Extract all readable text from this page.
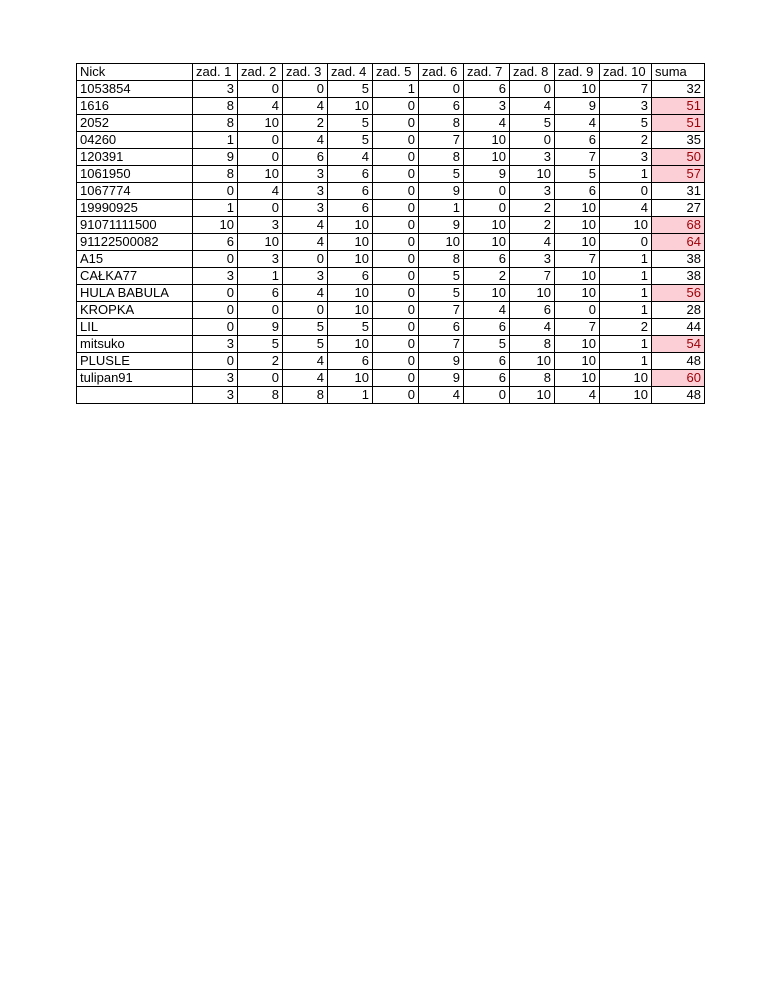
Nick	zad. 1	zad. 2	zad. 3	zad. 4	zad. 5	zad. 6	zad. 7	zad. 8	zad. 9	zad. 10	suma
1053854	3	0	0	5	1	0	6	0	10	7	32
1616	8	4	4	10	0	6	3	4	9	3	51
2052	8	10	2	5	0	8	4	5	4	5	51
04260	1	0	4	5	0	7	10	0	6	2	35
120391	9	0	6	4	0	8	10	3	7	3	50
1061950	8	10	3	6	0	5	9	10	5	1	57
1067774	0	4	3	6	0	9	0	3	6	0	31
19990925	1	0	3	6	0	1	0	2	10	4	27
91071111500	10	3	4	10	0	9	10	2	10	10	68
91122500082	6	10	4	10	0	10	10	4	10	0	64
A15	0	3	0	10	0	8	6	3	7	1	38
CAŁKA77	3	1	3	6	0	5	2	7	10	1	38
HULA BABULA	0	6	4	10	0	5	10	10	10	1	56
KROPKA	0	0	0	10	0	7	4	6	0	1	28
LIL	0	9	5	5	0	6	6	4	7	2	44
mitsuko	3	5	5	10	0	7	5	8	10	1	54
PLUSLE	0	2	4	6	0	9	6	10	10	1	48
tulipan91	3	0	4	10	0	9	6	8	10	10	60
	3	8	8	1	0	4	0	10	4	10	48
